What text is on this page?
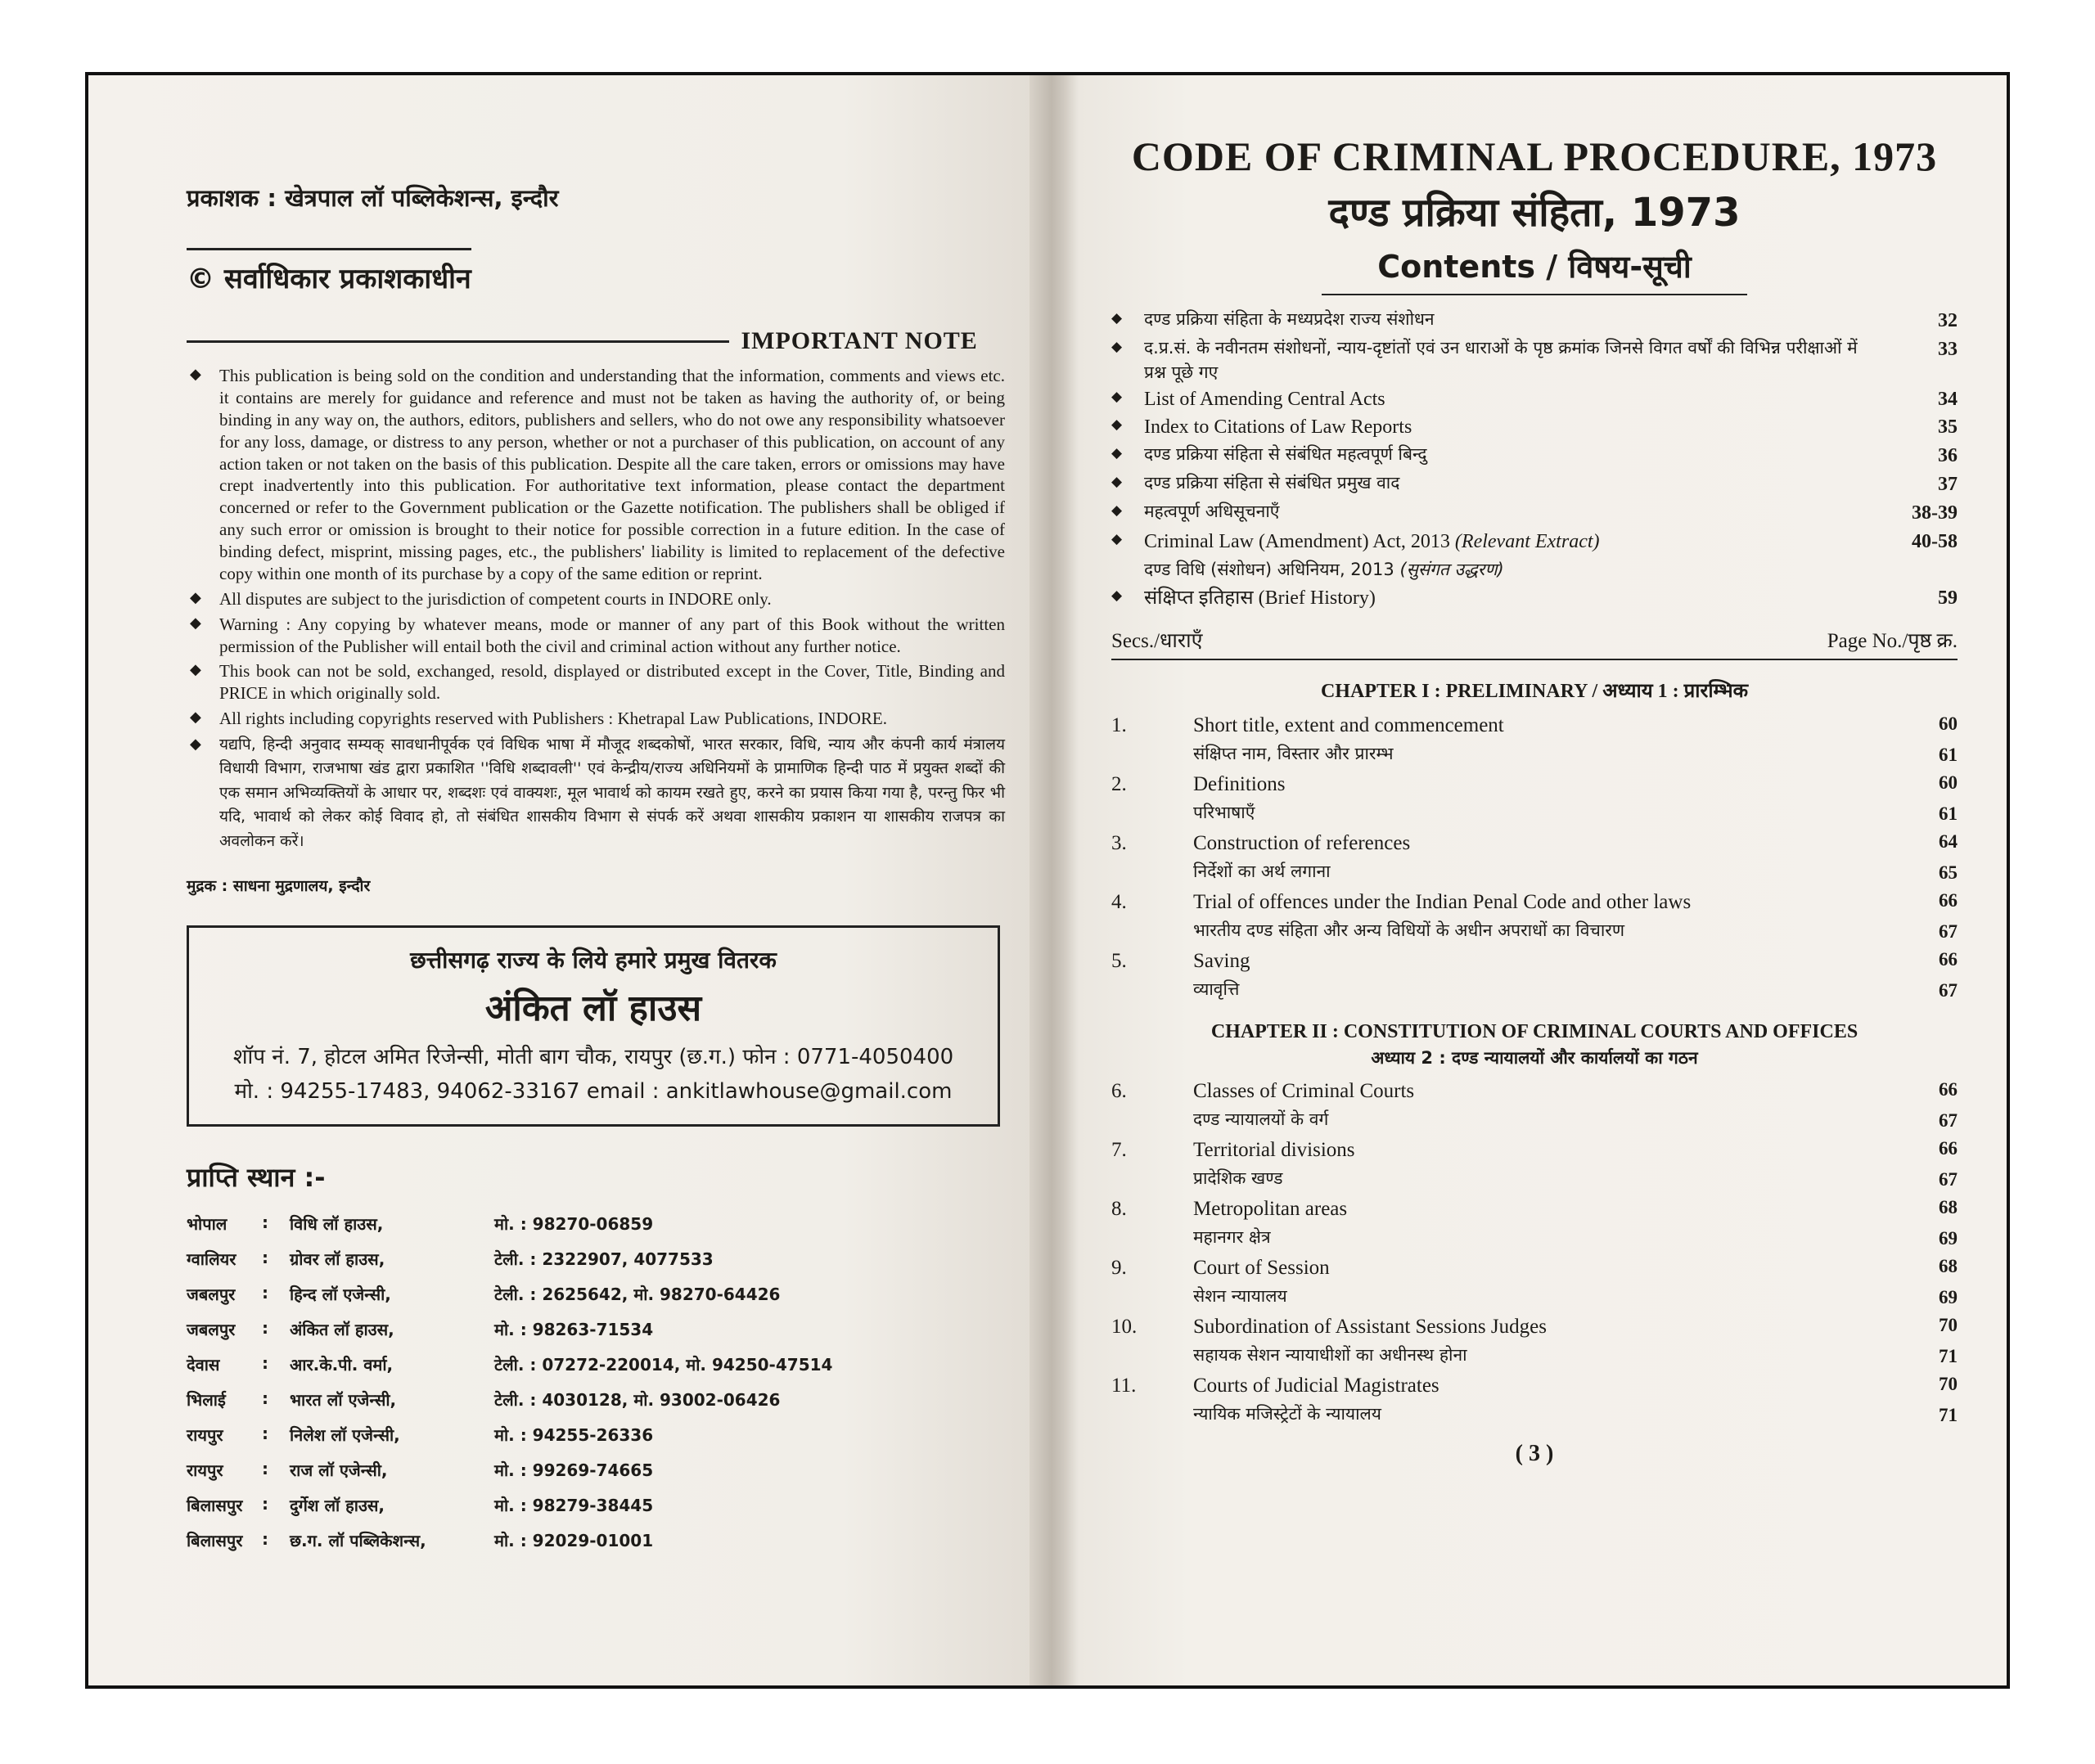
प्रकाशक : खेत्रपाल लॉ पब्लिकेशन्स, इन्दौर
© सर्वाधिकार प्रकाशकाधीन
IMPORTANT NOTE
◆ This publication is being sold on the condition and understanding that the information, comments and views etc. it contains are merely for guidance and reference and must not be taken as having the authority of, or being binding in any way on, the authors, editors, publishers and sellers, who do not owe any responsibility whatsoever for any loss, damage, or distress to any person, whether or not a purchaser of this publication, on account of any action taken or not taken on the basis of this publication. Despite all the care taken, errors or omissions may have crept inadvertently into this publication. For authoritative text information, please contact the department concerned or refer to the Government publication or the Gazette notification. The publishers shall be obliged if any such error or omission is brought to their notice for possible correction in a future edition. In the case of binding defect, misprint, missing pages, etc., the publishers' liability is limited to replacement of the defective copy within one month of its purchase by a copy of the same edition or reprint.
◆ All disputes are subject to the jurisdiction of competent courts in INDORE only.
◆ Warning : Any copying by whatever means, mode or manner of any part of this Book without the written permission of the Publisher will entail both the civil and criminal action without any further notice.
◆ This book can not be sold, exchanged, resold, displayed or distributed except in the Cover, Title, Binding and PRICE in which originally sold.
◆ All rights including copyrights reserved with Publishers : Khetrapal Law Publications, INDORE.
◆ यद्यपि, हिन्दी अनुवाद सम्यक् सावधानीपूर्वक एवं विधिक भाषा में मौजूद शब्दकोषों, भारत सरकार, विधि, न्याय और कंपनी कार्य मंत्रालय विधायी विभाग, राजभाषा खंड द्वारा प्रकाशित ''विधि शब्दावली'' एवं केन्द्रीय/राज्य अधिनियमों के प्रामाणिक हिन्दी पाठ में प्रयुक्त शब्दों की एक समान अभिव्यक्तियों के आधार पर, शब्दशः एवं वाक्यशः, मूल भावार्थ को कायम रखते हुए, करने का प्रयास किया गया है, परन्तु फिर भी यदि, भावार्थ को लेकर कोई विवाद हो, तो संबंधित शासकीय विभाग से संपर्क करें अथवा शासकीय प्रकाशन या शासकीय राजपत्र का अवलोकन करें।
मुद्रक : साधना मुद्रणालय, इन्दौर
छत्तीसगढ़ राज्य के लिये हमारे प्रमुख वितरक
अंकित लॉ हाउस
शॉप नं. 7, होटल अमित रिजेन्सी, मोती बाग चौक, रायपुर (छ.ग.) फोन : 0771-4050400
मो. : 94255-17483, 94062-33167 email : ankitlawhouse@gmail.com
प्राप्ति स्थान :-
भोपाल	:	विधि लॉ हाउस,	मो. : 98270-06859
ग्वालियर	:	ग्रोवर लॉ हाउस,	टेली. : 2322907, 4077533
जबलपुर	:	हिन्द लॉ एजेन्सी,	टेली. : 2625642, मो. 98270-64426
जबलपुर	:	अंकित लॉ हाउस,	मो. : 98263-71534
देवास	:	आर.के.पी. वर्मा,	टेली. : 07272-220014, मो. 94250-47514
भिलाई	:	भारत लॉ एजेन्सी,	टेली. : 4030128, मो. 93002-06426
रायपुर	:	निलेश लॉ एजेन्सी,	मो. : 94255-26336
रायपुर	:	राज लॉ एजेन्सी,	मो. : 99269-74665
बिलासपुर	:	दुर्गेश लॉ हाउस,	मो. : 98279-38445
बिलासपुर	:	छ.ग. लॉ पब्लिकेशन्स,	मो. : 92029-01001
CODE OF CRIMINAL PROCEDURE, 1973
दण्ड प्रक्रिया संहिता, 1973
Contents / विषय-सूची
◆ दण्ड प्रक्रिया संहिता के मध्यप्रदेश राज्य संशोधन	32
◆ द.प्र.सं. के नवीनतम संशोधनों, न्याय-दृष्टांतों एवं उन धाराओं के पृष्ठ क्रमांक जिनसे विगत वर्षों की विभिन्न परीक्षाओं में प्रश्न पूछे गए
33
◆ List of Amending Central Acts	34
◆ Index to Citations of Law Reports	35
◆ दण्ड प्रक्रिया संहिता से संबंधित महत्वपूर्ण बिन्दु	36
◆ दण्ड प्रक्रिया संहिता से संबंधित प्रमुख वाद	37
◆ महत्वपूर्ण अधिसूचनाएँ	38-39
◆ Criminal Law (Amendment) Act, 2013 (Relevant Extract)
दण्ड विधि (संशोधन) अधिनियम, 2013 (सुसंगत उद्धरण)
40-58
◆ संक्षिप्त इतिहास (Brief History)	59
Secs./धाराएँ	Page No./पृष्ठ क्र.
CHAPTER I : PRELIMINARY / अध्याय 1 : प्रारम्भिक
1.	Short title, extent and commencement	60
संक्षिप्त नाम, विस्तार और प्रारम्भ	61
2.	Definitions	60
परिभाषाएँ	61
3.	Construction of references	64
निर्देशों का अर्थ लगाना	65
4.	Trial of offences under the Indian Penal Code and other laws	66
भारतीय दण्ड संहिता और अन्य विधियों के अधीन अपराधों का विचारण	67
5.	Saving	66
व्यावृत्ति	67
CHAPTER II : CONSTITUTION OF CRIMINAL COURTS AND OFFICES
अध्याय 2 : दण्ड न्यायालयों और कार्यालयों का गठन
6.	Classes of Criminal Courts	66
दण्ड न्यायालयों के वर्ग	67
7.	Territorial divisions	66
प्रादेशिक खण्ड	67
8.	Metropolitan areas	68
महानगर क्षेत्र	69
9.	Court of Session	68
सेशन न्यायालय	69
10.	Subordination of Assistant Sessions Judges	70
सहायक सेशन न्यायाधीशों का अधीनस्थ होना	71
11.	Courts of Judicial Magistrates	70
न्यायिक मजिस्ट्रेटों के न्यायालय	71
( 3 )
